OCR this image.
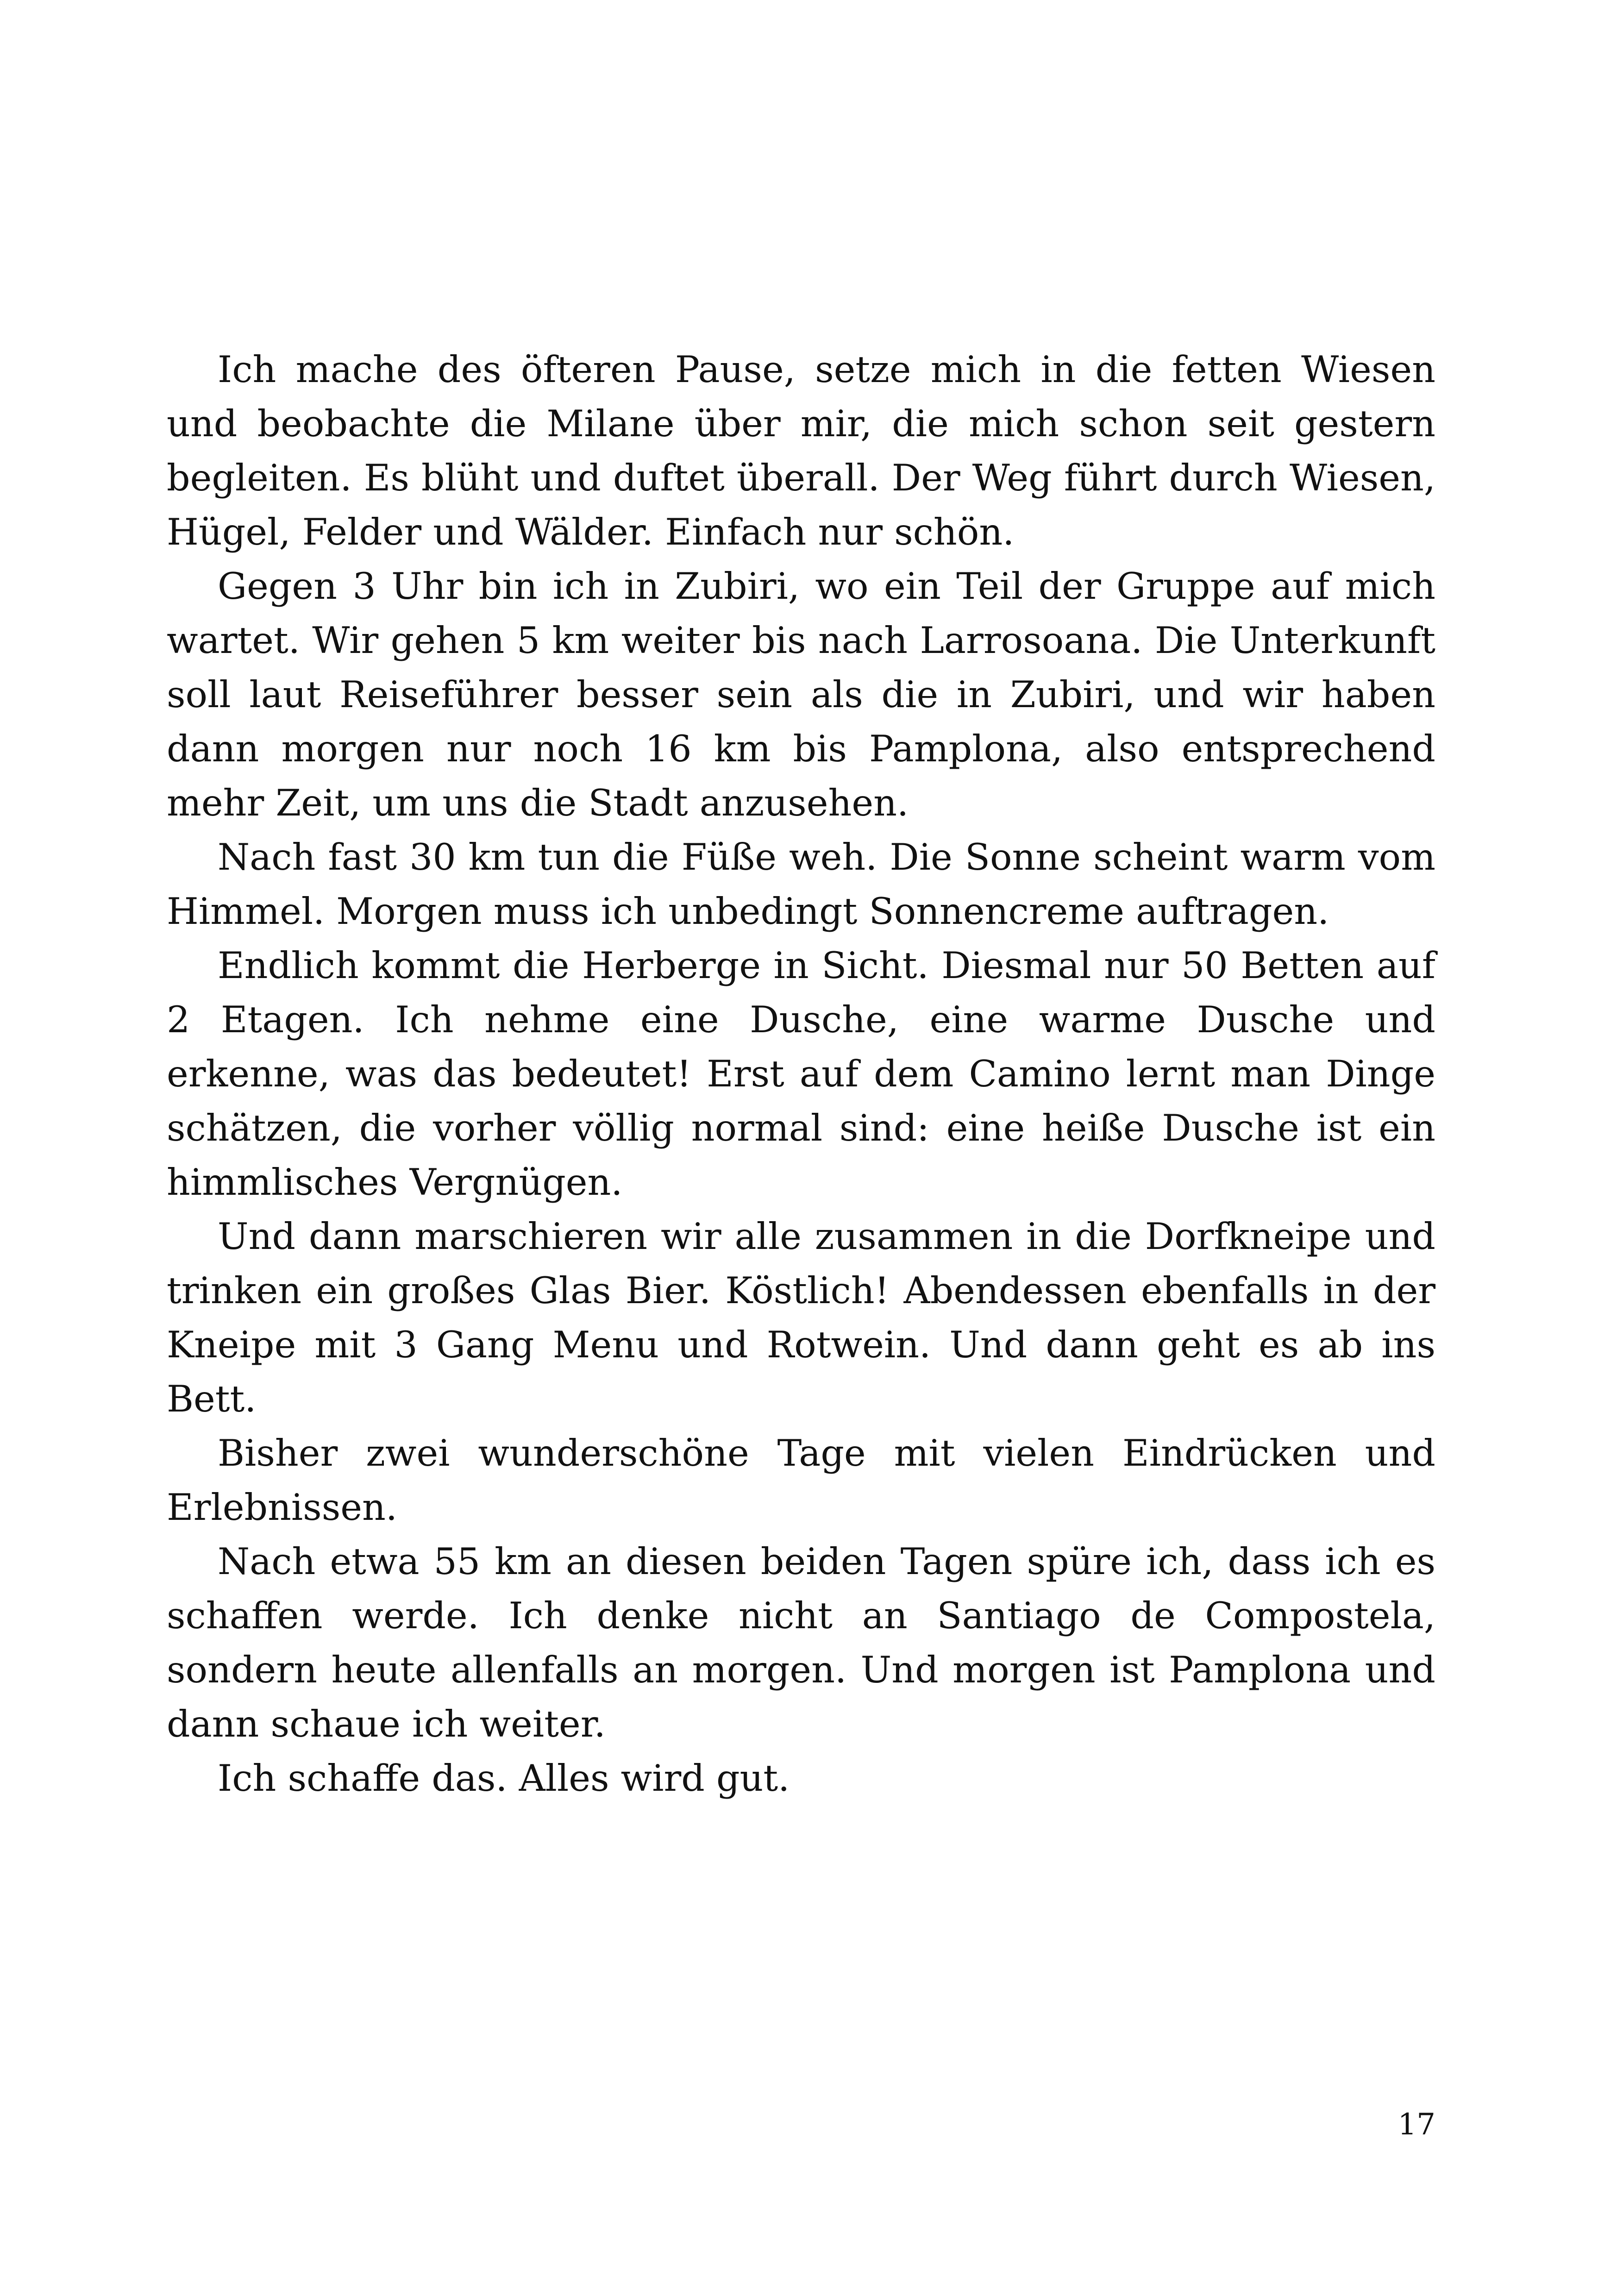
Ich mache des öfteren Pause, setze mich in die fetten Wiesen und beobachte die Milane über mir, die mich schon seit gestern begleiten. Es blüht und duftet überall. Der Weg führt durch Wiesen, Hügel, Felder und Wälder. Einfach nur schön.

Gegen 3 Uhr bin ich in Zubiri, wo ein Teil der Gruppe auf mich wartet. Wir gehen 5 km weiter bis nach Larrosoana. Die Unterkunft soll laut Reiseführer besser sein als die in Zubiri, und wir haben dann morgen nur noch 16 km bis Pamplona, also entsprechend mehr Zeit, um uns die Stadt anzusehen.

Nach fast 30 km tun die Füße weh. Die Sonne scheint warm vom Himmel. Morgen muss ich unbedingt Sonnencreme auftragen.

Endlich kommt die Herberge in Sicht. Diesmal nur 50 Betten auf 2 Etagen. Ich nehme eine Dusche, eine warme Dusche und erkenne, was das bedeutet! Erst auf dem Camino lernt man Dinge schätzen, die vorher völlig normal sind: eine heiße Dusche ist ein himmlisches Vergnügen.

Und dann marschieren wir alle zusammen in die Dorfkneipe und trinken ein großes Glas Bier. Köstlich! Abendessen ebenfalls in der Kneipe mit 3 Gang Menu und Rotwein. Und dann geht es ab ins Bett.

Bisher zwei wunderschöne Tage mit vielen Eindrücken und Erlebnissen.

Nach etwa 55 km an diesen beiden Tagen spüre ich, dass ich es schaffen werde. Ich denke nicht an Santiago de Compostela, sondern heute allenfalls an morgen. Und morgen ist Pamplona und dann schaue ich weiter.

Ich schaffe das. Alles wird gut.

17
